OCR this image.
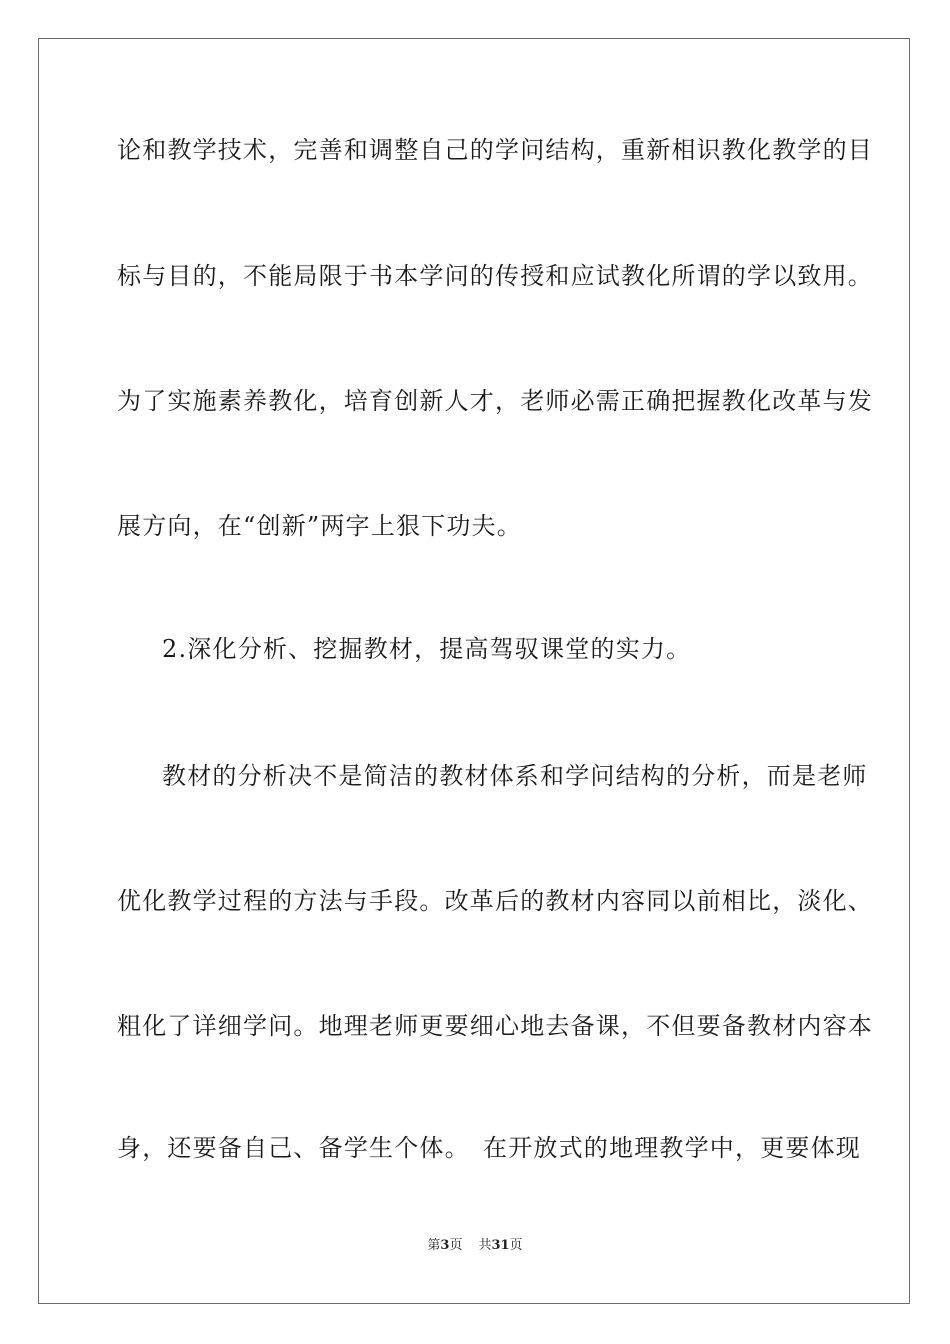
论和教学技术，完善和调整自己的学问结构，重新相识教化教学的目
标与目的，不能局限于书本学问的传授和应试教化所谓的学以致用。
为了实施素养教化，培育创新人才，老师必需正确把握教化改革与发
展方向，在“创新”两字上狠下功夫。
2.深化分析、挖掘教材，提高驾驭课堂的实力。
教材的分析决不是简洁的教材体系和学问结构的分析，而是老师
优化教学过程的方法与手段。改革后的教材内容同以前相比，淡化、
粗化了详细学问。地理老师更要细心地去备课，不但要备教材内容本
身，还要备自己、备学生个体。　在开放式的地理教学中，更要体现
第3页 共31页
